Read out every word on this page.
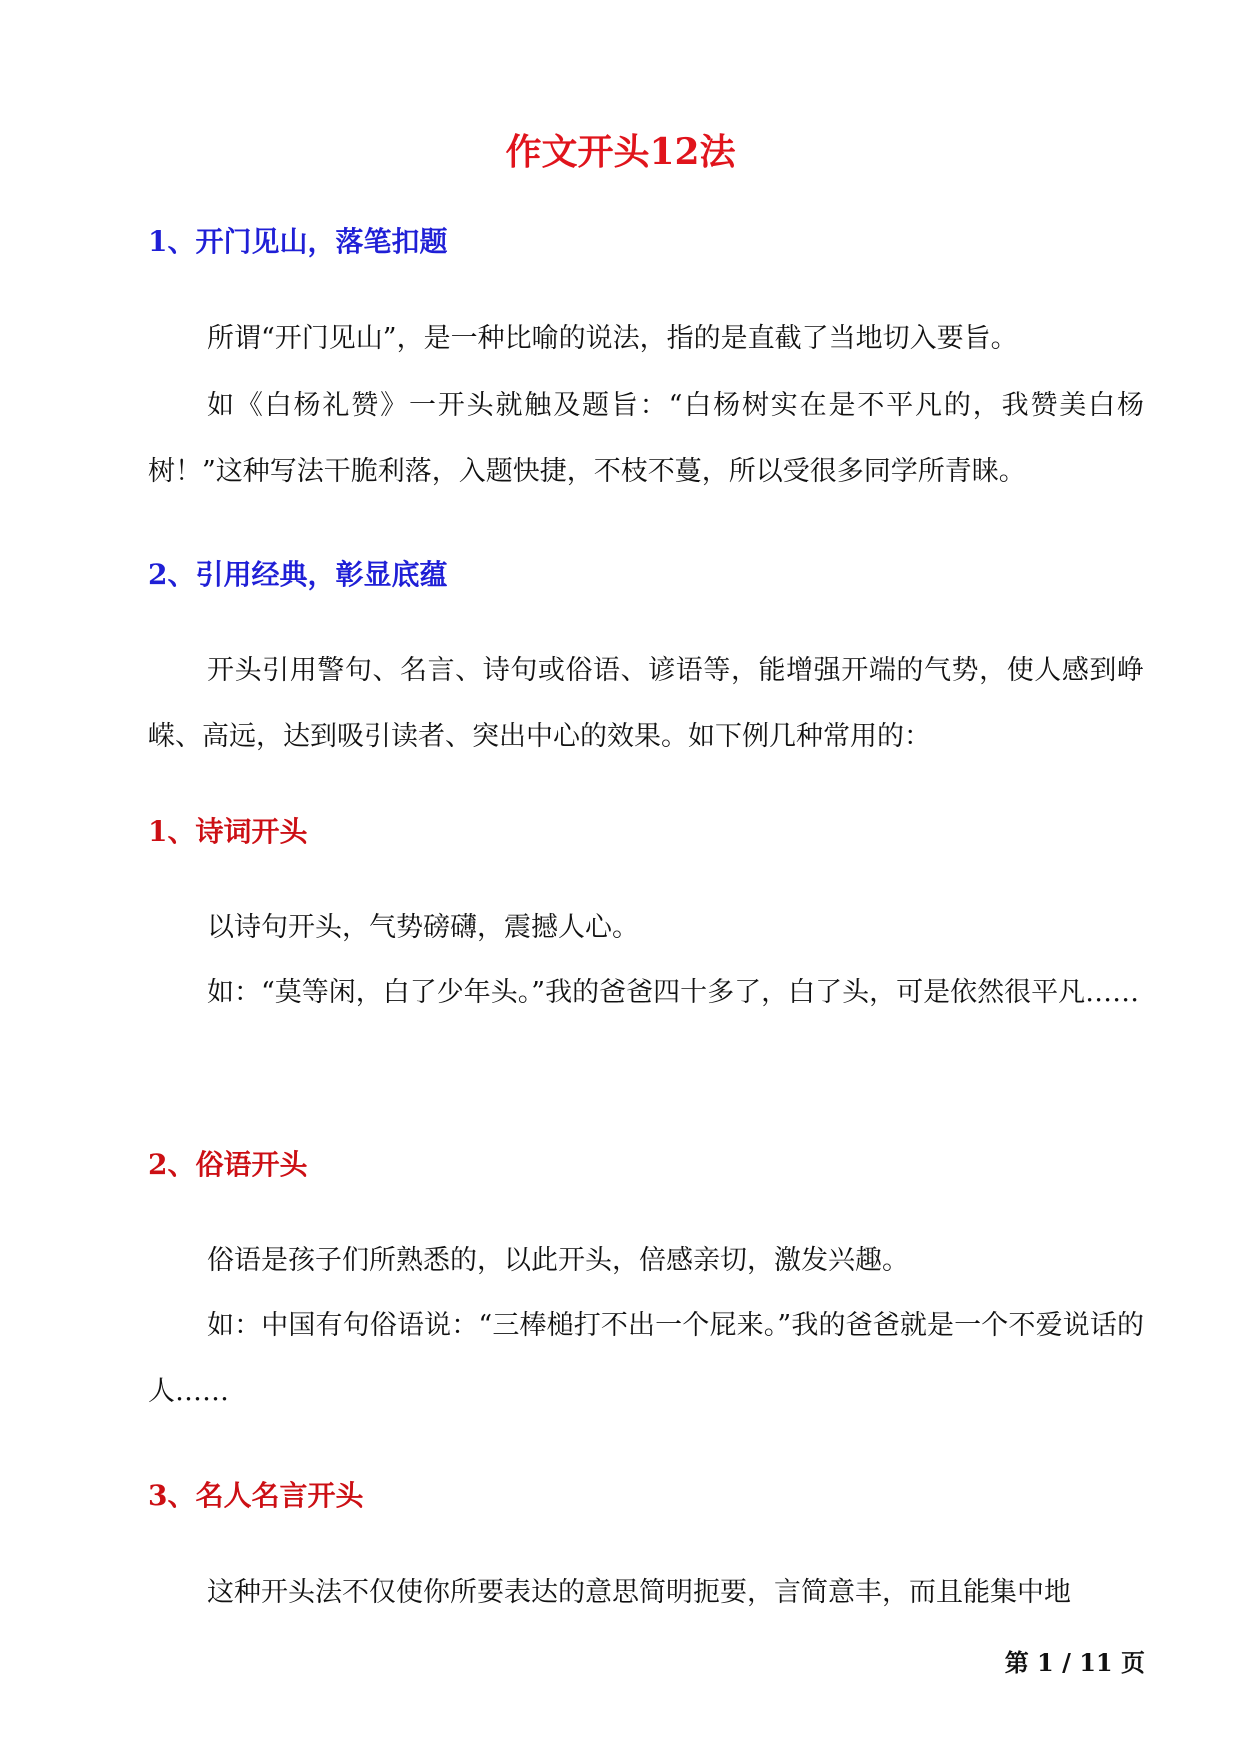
作文开头12法
1、开门见山，落笔扣题
所谓“开门见山”，是一种比喻的说法，指的是直截了当地切入要旨。
如《白杨礼赞》一开头就触及题旨：“白杨树实在是不平凡的，我赞美白杨树！”这种写法干脆利落，入题快捷，不枝不蔓，所以受很多同学所青睐。
2、引用经典，彰显底蕴
开头引用警句、名言、诗句或俗语、谚语等，能增强开端的气势，使人感到峥嵘、高远，达到吸引读者、突出中心的效果。如下例几种常用的：
1、诗词开头
以诗句开头，气势磅礴，震撼人心。
如：“莫等闲，白了少年头。”我的爸爸四十多了，白了头，可是依然很平凡……
2、俗语开头
俗语是孩子们所熟悉的，以此开头，倍感亲切，激发兴趣。
如：中国有句俗语说：“三棒槌打不出一个屁来。”我的爸爸就是一个不爱说话的人……
3、名人名言开头
这种开头法不仅使你所要表达的意思简明扼要，言简意丰，而且能集中地
第 1 / 11 页
